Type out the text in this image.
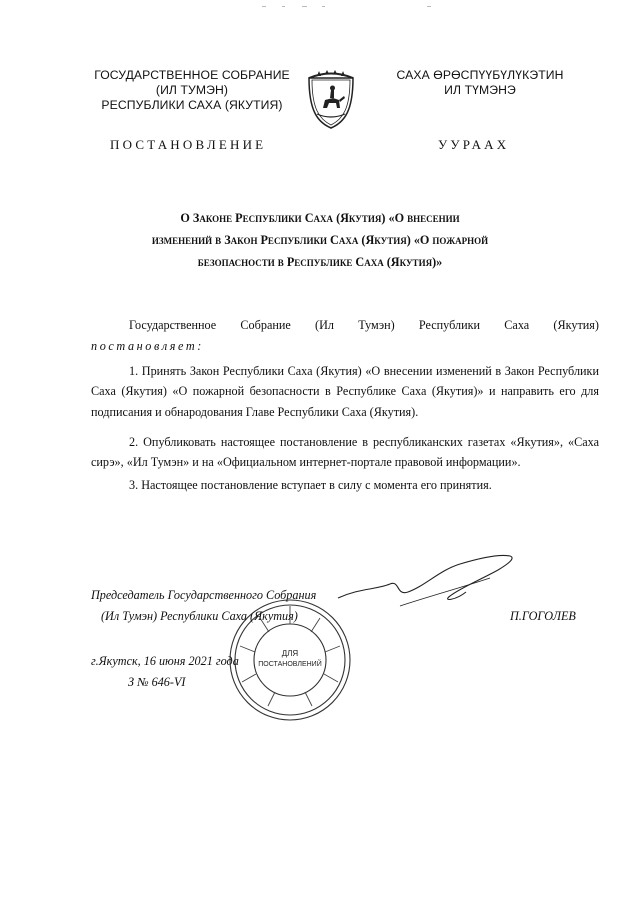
ГОСУДАРСТВЕННОЕ СОБРАНИЕ
(ИЛ ТУМЭН)
РЕСПУБЛИКИ САХА (ЯКУТИЯ)
САХА ӨРӨСПҮҮБҮЛҮКЭТИН
ИЛ ТҮМЭНЭ
ПОСТАНОВЛЕНИЕ	УУРААХ
О Законе Республики Саха (Якутия) «О внесении
изменений в Закон Республики Саха (Якутия) «О пожарной
безопасности в Республике Саха (Якутия)»
Государственное Собрание (Ил Тумэн) Республики Саха (Якутия)
постановляет:
1. Принять Закон Республики Саха (Якутия) «О внесении изменений в Закон Республики Саха (Якутия) «О пожарной безопасности в Республике Саха (Якутия)» и направить его для подписания и обнародования Главе Республики Саха (Якутия).
2. Опубликовать настоящее постановление в республиканских газетах «Якутия», «Саха сирэ», «Ил Тумэн» и на «Официальном интернет-портале правовой информации».
3. Настоящее постановление вступает в силу с момента его принятия.
ДЛЯ
ПОСТАНОВЛЕНИЙ
Председатель Государственного Собрания
(Ил Тумэн) Республики Саха (Якутия)	П.ГОГОЛЕВ
г.Якутск, 16 июня 2021 года
З № 646-VI
